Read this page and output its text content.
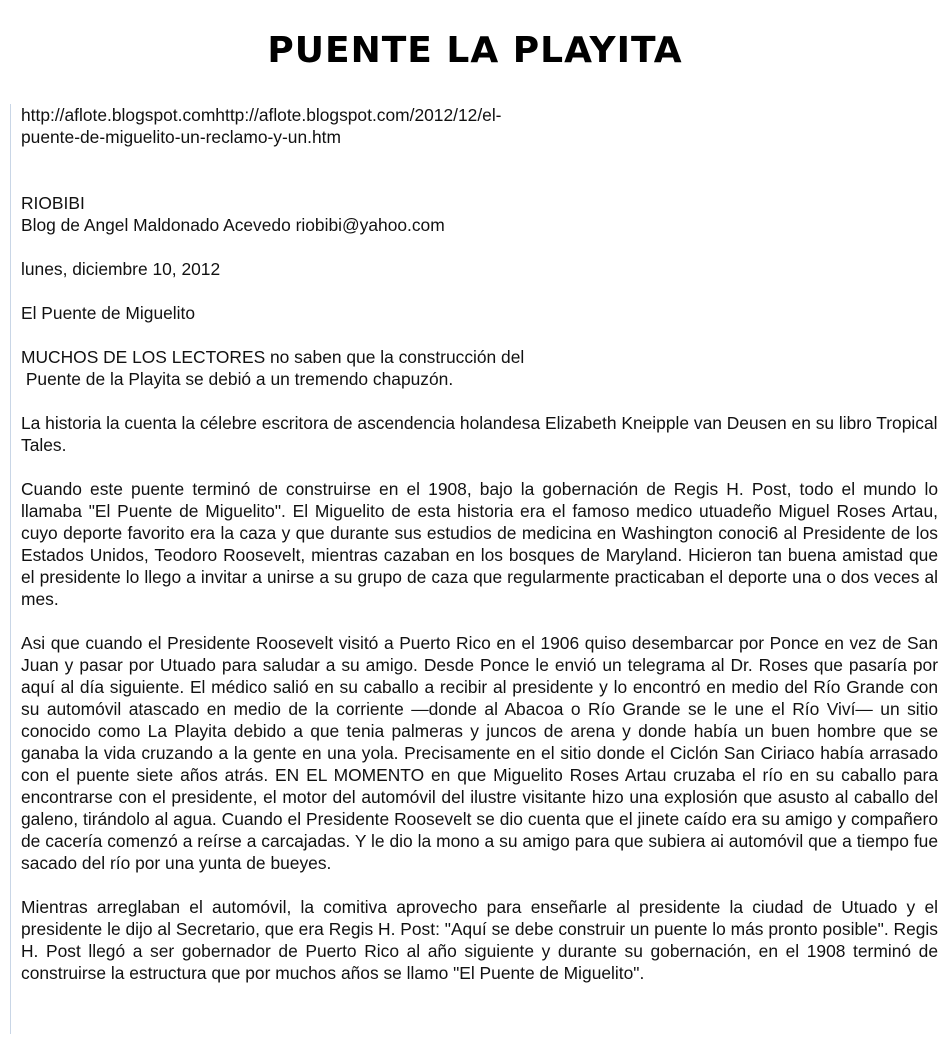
PUENTE LA PLAYITA

http://aflote.blogspot.comhttp://aflote.blogspot.com/2012/12/el-

puente-de-miguelito-un-reclamo-y-un.htm

RIOBIBI

Blog de Angel Maldonado Acevedo riobibi@yahoo.com

lunes, diciembre 10, 2012

El Puente de Miguelito

MUCHOS DE LOS LECTORES no saben que la construcción del

Puente de la Playita se debió a un tremendo chapuzón.

La historia la cuenta la célebre escritora de ascendencia holandesa Elizabeth Kneipple van Deusen en su libro Tropical Tales.

Cuando este puente terminó de construirse en el 1908, bajo la gobernación de Regis H. Post, todo el mundo lo llamaba "El Puente de Miguelito". El Miguelito de esta historia era el famoso medico utuadeño Miguel Roses Artau, cuyo deporte favorito era la caza y que durante sus estudios de medicina en Washington conoci6 al Presidente de los Estados Unidos, Teodoro Roosevelt, mientras cazaban en los bosques de Maryland. Hicieron tan buena amistad que el presidente lo llego a invitar a unirse a su grupo de caza que regularmente practicaban el deporte una o dos veces al mes.

Asi que cuando el Presidente Roosevelt visitó a Puerto Rico en el 1906 quiso desembarcar por Ponce en vez de San Juan y pasar por Utuado para saludar a su amigo. Desde Ponce le envió un telegrama al Dr. Roses que pasaría por aquí al día siguiente. El médico salió en su caballo a recibir al presidente y lo encontró en medio del Río Grande con su automóvil atascado en medio de la corriente —donde al Abacoa o Río Grande se le une el Río Viví— un sitio conocido como La Playita debido a que tenia palmeras y juncos de arena y donde había un buen hombre que se ganaba la vida cruzando a la gente en una yola. Precisamente en el sitio donde el Ciclón San Ciriaco había arrasado con el puente siete años atrás. EN EL MOMENTO en que Miguelito Roses Artau cruzaba el río en su caballo para encontrarse con el presidente, el motor del automóvil del ilustre visitante hizo una explosión que asusto al caballo del galeno, tirándolo al agua. Cuando el Presidente Roosevelt se dio cuenta que el jinete caído era su amigo y compañero de cacería comenzó a reírse a carcajadas. Y le dio la mono a su amigo para que subiera ai automóvil que a tiempo fue sacado del río por una yunta de bueyes.

Mientras arreglaban el automóvil, la comitiva aprovecho para enseñarle al presidente la ciudad de Utuado y el presidente le dijo al Secretario, que era Regis H. Post: "Aquí se debe construir un puente lo más pronto posible". Regis H. Post llegó a ser gobernador de Puerto Rico al año siguiente y durante su gobernación, en el 1908 terminó de construirse la estructura que por muchos años se llamo "El Puente de Miguelito".
